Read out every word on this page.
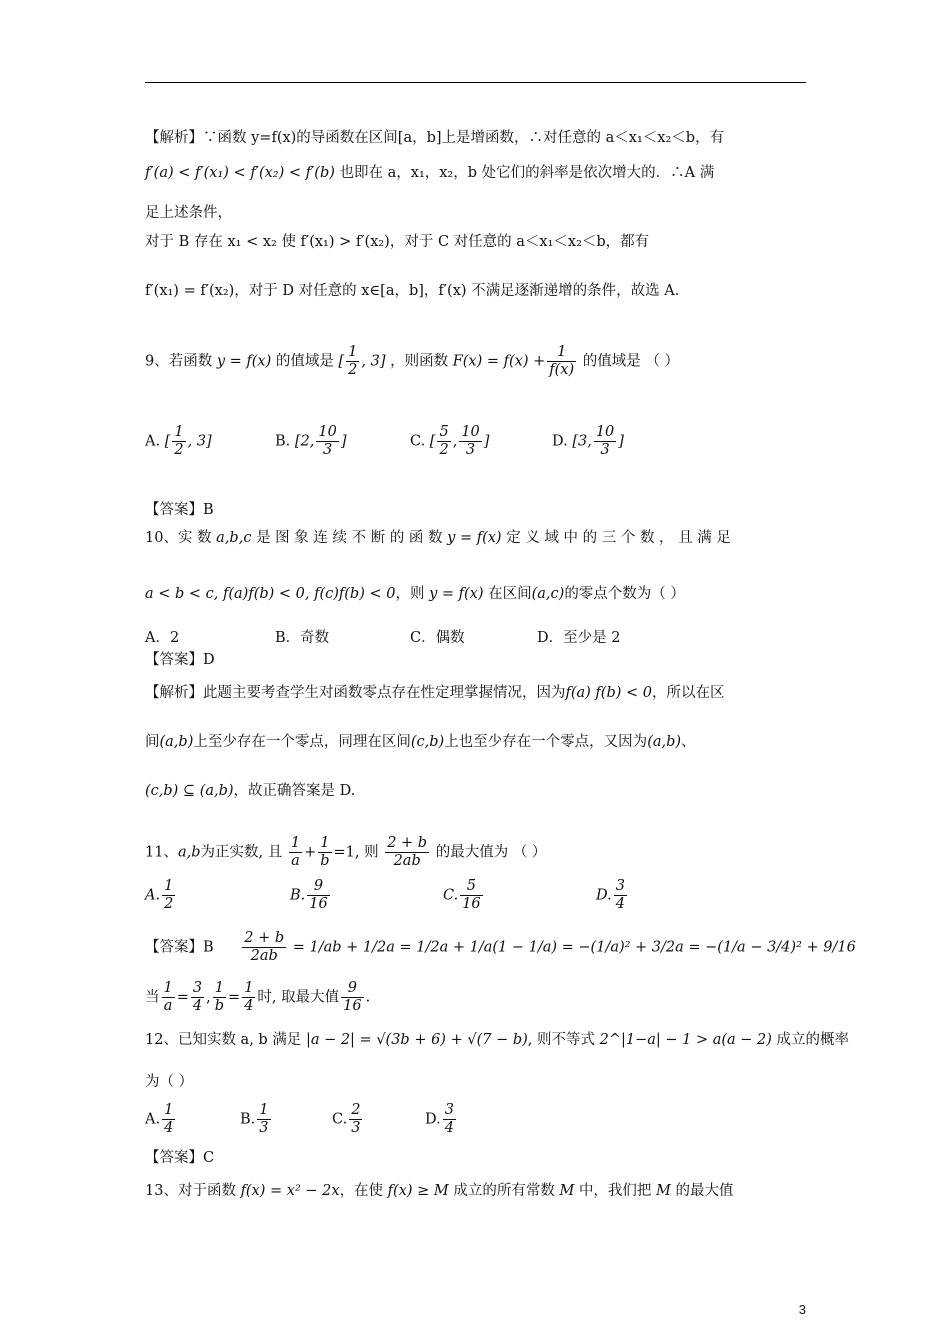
【解析】∵函数 y=f(x)的导函数在区间[a，b]上是增函数，∴对任意的 a＜x₁＜x₂＜b，有
f′(a) < f′(x₁) < f′(x₂) < f′(b) 也即在 a，x₁，x₂，b 处它们的斜率是依次增大的．∴A 满
足上述条件，
对于 B 存在 x₁ < x₂ 使 f′(x₁) > f′(x₂)，对于 C 对任意的 a＜x₁＜x₂＜b，都有
f′(x₁) = f′(x₂)，对于 D 对任意的 x∈[a，b]，f′(x) 不满足逐渐递增的条件，故选 A.
9、若函数 y = f(x) 的值域是 [ $\frac{1}{2}$ , 3] ，则函数 $F(x) = f(x) + \frac{1}{f(x)}$ 的值域是 （ ）
A. [ $\frac{1}{2}$ , 3]	B. [2, $\frac{10}{3}$ ]	C. [ $\frac{5}{2}$ , $\frac{10}{3}$ ]	D. [3, $\frac{10}{3}$ ]
【答案】B
10、实 数 a,b,c 是 图 象 连 续 不 断 的 函 数 y = f(x) 定 义 域 中 的 三 个 数 ， 且 满 足
a < b < c, f(a)f(b) < 0, f(c)f(b) < 0，则 y = f(x) 在区间(a,c)的零点个数为（ ）
A．2	B．奇数	C．偶数	D．至少是 2
【答案】D
【解析】此题主要考查学生对函数零点存在性定理掌握情况，因为f(a) f(b) < 0，所以在区
间(a,b)上至少存在一个零点，同理在区间(c,b)上也至少存在一个零点，又因为(a,b)、
(c,b) ⊆ (a,b)，故正确答案是 D.
11、a,b为正实数, 且 $\frac{1}{a} + \frac{1}{b} =1$, 则 $\frac{2 + b}{2ab}$ 的最大值为 （ ）
A. $\frac{1}{2}$	B. $\frac{9}{16}$	C. $\frac{5}{16}$	D. $\frac{3}{4}$
【答案】B $\frac{2 + b}{2ab} = 1/ab + 1/2a = 1/2a + 1/a(1 - 1/a) = -(1/a)^2 + 3/2a = -(1/a - 3/4)^2 + 9/16$
当 $\frac{1}{a} = \frac{3}{4}$ , $\frac{1}{b} = \frac{1}{4}$ 时, 取最大值 $\frac{9}{16}$ .
12、已知实数 a, b 满足 |a − 2| = √(3b + 6) + √(7 − b), 则不等式 2^|1−a| − 1 > a(a − 2) 成立的概率
为（ ）
A. $\frac{1}{4}$	B. $\frac{1}{3}$	C. $\frac{2}{3}$	D. $\frac{3}{4}$
【答案】C
13、对于函数 f(x) = x² − 2x，在使 f(x) ≥ M 成立的所有常数 M 中，我们把 M 的最大值
3
